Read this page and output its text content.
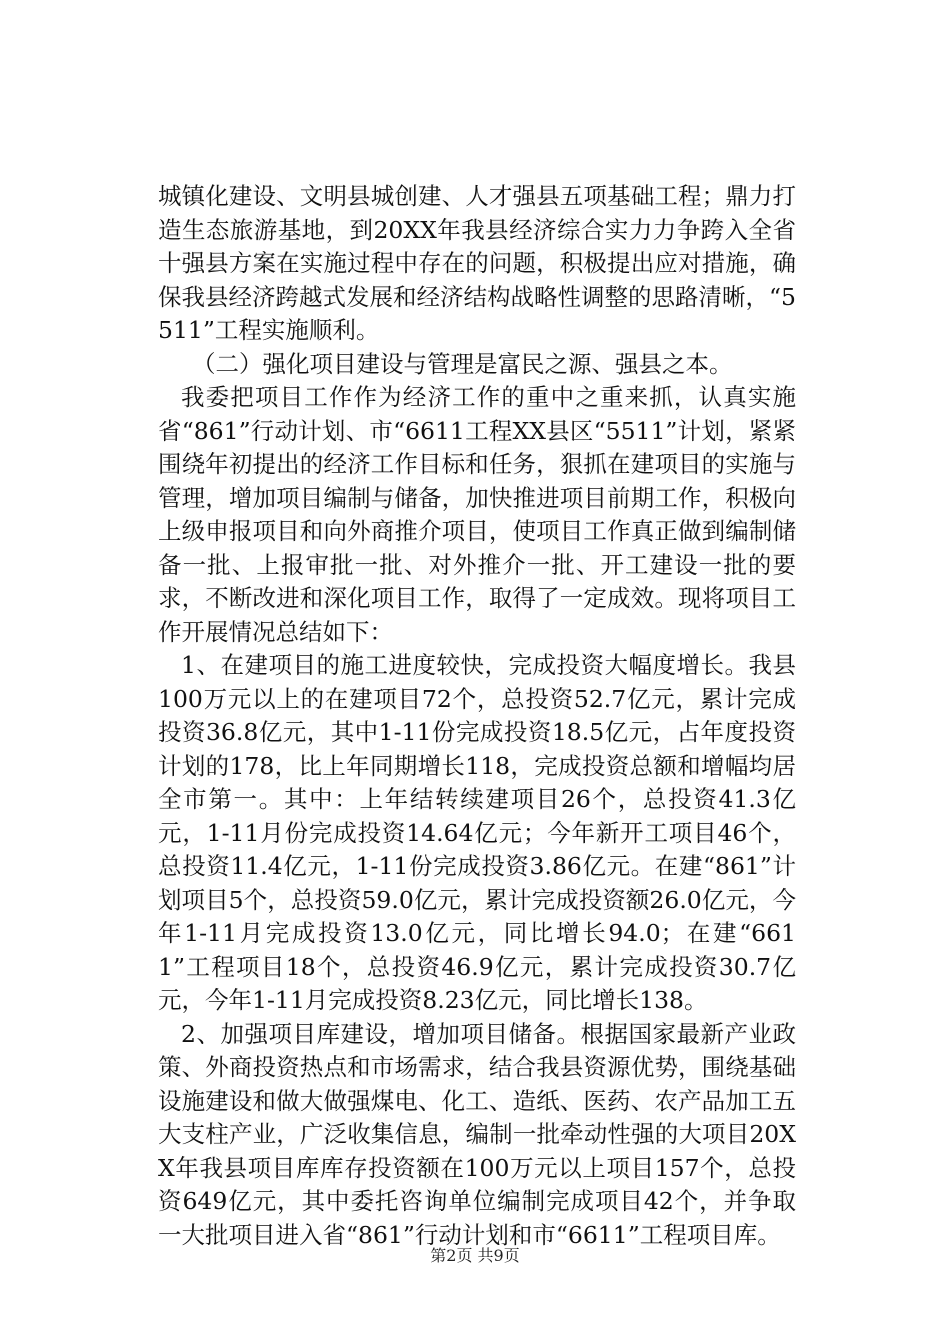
城镇化建设、文明县城创建、人才强县五项基础工程；鼎力打造生态旅游基地，到20XX年我县经济综合实力力争跨入全省十强县方案在实施过程中存在的问题，积极提出应对措施，确保我县经济跨越式发展和经济结构战略性调整的思路清晰，“5511”工程实施顺利。

（二）强化项目建设与管理是富民之源、强县之本。

我委把项目工作作为经济工作的重中之重来抓，认真实施省“861”行动计划、市“6611工程XX县区“5511”计划，紧紧围绕年初提出的经济工作目标和任务，狠抓在建项目的实施与管理，增加项目编制与储备，加快推进项目前期工作，积极向上级申报项目和向外商推介项目，使项目工作真正做到编制储备一批、上报审批一批、对外推介一批、开工建设一批的要求，不断改进和深化项目工作，取得了一定成效。现将项目工作开展情况总结如下：

1、在建项目的施工进度较快，完成投资大幅度增长。我县100万元以上的在建项目72个，总投资52.7亿元，累计完成投资36.8亿元，其中1-11份完成投资18.5亿元，占年度投资计划的178，比上年同期增长118，完成投资总额和增幅均居全市第一。其中：上年结转续建项目26个，总投资41.3亿元，1-11月份完成投资14.64亿元；今年新开工项目46个，总投资11.4亿元，1-11份完成投资3.86亿元。在建“861”计划项目5个，总投资59.0亿元，累计完成投资额26.0亿元，今年1-11月完成投资13.0亿元，同比增长94.0；在建“6611”工程项目18个，总投资46.9亿元，累计完成投资30.7亿元，今年1-11月完成投资8.23亿元，同比增长138。

2、加强项目库建设，增加项目储备。根据国家最新产业政策、外商投资热点和市场需求，结合我县资源优势，围绕基础设施建设和做大做强煤电、化工、造纸、医药、农产品加工五大支柱产业，广泛收集信息，编制一批牵动性强的大项目20XX年我县项目库库存投资额在100万元以上项目157个，总投资649亿元，其中委托咨询单位编制完成项目42个，并争取一大批项目进入省“861”行动计划和市“6611”工程项目库。

第2页 共9页
